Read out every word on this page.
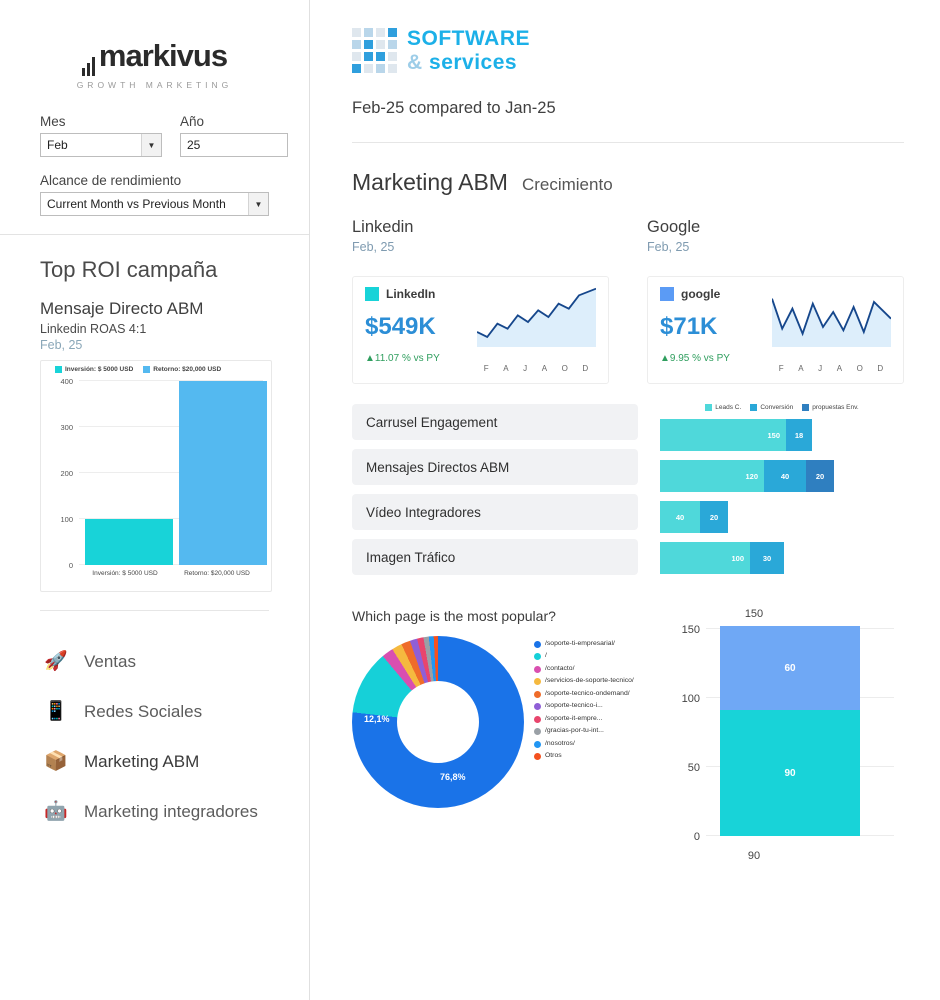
markivus
GROWTH MARKETING
Mes
Feb	▼
Año
25
Alcance de rendimiento
Current Month vs Previous Month	▼
Top ROI campaña
Mensaje Directo ABM
Linkedin ROAS 4:1
Feb, 25
Inversión: $ 5000 USD	Retorno: $20,000 USD
0
100
200
300
400
Inversión: $ 5000 USD	Retorno: $20,000 USD
🚀 Ventas
📱 Redes Sociales
📦 Marketing ABM
🤖 Marketing integradores
SOFTWARE
& services
Feb-25 compared to Jan-25
Marketing ABM Crecimiento
Linkedin
Feb, 25
LinkedIn
$549K
▲11.07 % vs PY
F A J A O D
Google
Feb, 25
google
$71K
▲9.95 % vs PY
F A J A O D
Carrusel Engagement
Mensajes Directos ABM
Vídeo Integradores
Imagen Tráfico
Leads C.	Conversión	propuestas Env.
150	18
120	40	20
40	20
100	30
Which page is the most popular?
76,8%
12,1%
/soporte-ti-empresarial/
/
/contacto/
/servicios-de-soporte-tecnico/
/soporte-tecnico-ondemand/
/soporte-tecnico-i...
/soporte-it-empre...
/gracias-por-tu-int...
/nosotros/
Otros
0
50
100
150
150
60
90
90
